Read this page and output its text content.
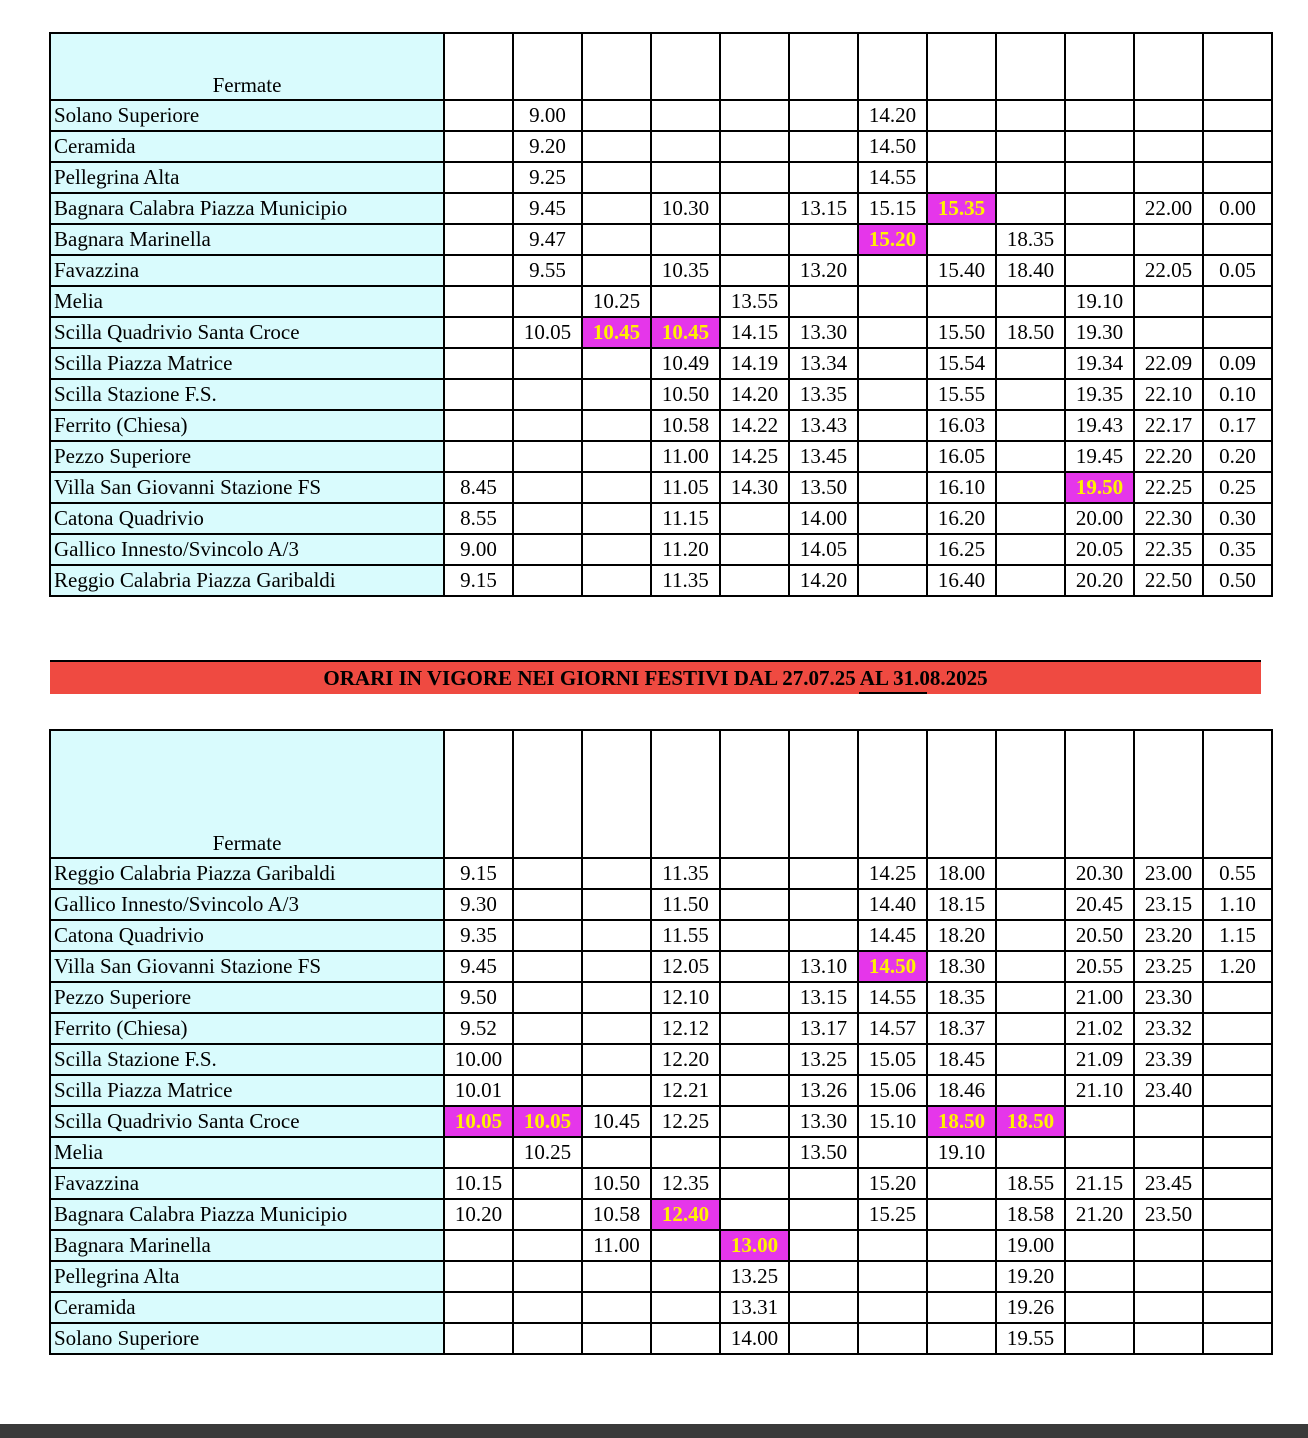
Fermate												
Solano Superiore		9.00					14.20					
Ceramida		9.20					14.50					
Pellegrina Alta		9.25					14.55					
Bagnara Calabra Piazza Municipio		9.45		10.30		13.15	15.15	15.35			22.00	0.00
Bagnara Marinella		9.47					15.20		18.35			
Favazzina		9.55		10.35		13.20		15.40	18.40		22.05	0.05
Melia			10.25		13.55					19.10		
Scilla Quadrivio Santa Croce		10.05	10.45	10.45	14.15	13.30		15.50	18.50	19.30		
Scilla Piazza Matrice				10.49	14.19	13.34		15.54		19.34	22.09	0.09
Scilla Stazione F.S.				10.50	14.20	13.35		15.55		19.35	22.10	0.10
Ferrito (Chiesa)				10.58	14.22	13.43		16.03		19.43	22.17	0.17
Pezzo Superiore				11.00	14.25	13.45		16.05		19.45	22.20	0.20
Villa San Giovanni Stazione FS	8.45			11.05	14.30	13.50		16.10		19.50	22.25	0.25
Catona Quadrivio	8.55			11.15		14.00		16.20		20.00	22.30	0.30
Gallico Innesto/Svincolo A/3	9.00			11.20		14.05		16.25		20.05	22.35	0.35
Reggio Calabria Piazza Garibaldi	9.15			11.35		14.20		16.40		20.20	22.50	0.50
ORARI IN VIGORE NEI GIORNI FESTIVI DAL 27.07.25 AL 31.08.2025
Fermate												
Reggio Calabria Piazza Garibaldi	9.15			11.35			14.25	18.00		20.30	23.00	0.55
Gallico Innesto/Svincolo A/3	9.30			11.50			14.40	18.15		20.45	23.15	1.10
Catona Quadrivio	9.35			11.55			14.45	18.20		20.50	23.20	1.15
Villa San Giovanni Stazione FS	9.45			12.05		13.10	14.50	18.30		20.55	23.25	1.20
Pezzo Superiore	9.50			12.10		13.15	14.55	18.35		21.00	23.30	
Ferrito (Chiesa)	9.52			12.12		13.17	14.57	18.37		21.02	23.32	
Scilla Stazione F.S.	10.00			12.20		13.25	15.05	18.45		21.09	23.39	
Scilla Piazza Matrice	10.01			12.21		13.26	15.06	18.46		21.10	23.40	
Scilla Quadrivio Santa Croce	10.05	10.05	10.45	12.25		13.30	15.10	18.50	18.50			
Melia		10.25				13.50		19.10				
Favazzina	10.15		10.50	12.35			15.20		18.55	21.15	23.45	
Bagnara Calabra Piazza Municipio	10.20		10.58	12.40			15.25		18.58	21.20	23.50	
Bagnara Marinella			11.00		13.00				19.00			
Pellegrina Alta					13.25				19.20			
Ceramida					13.31				19.26			
Solano Superiore					14.00				19.55			
